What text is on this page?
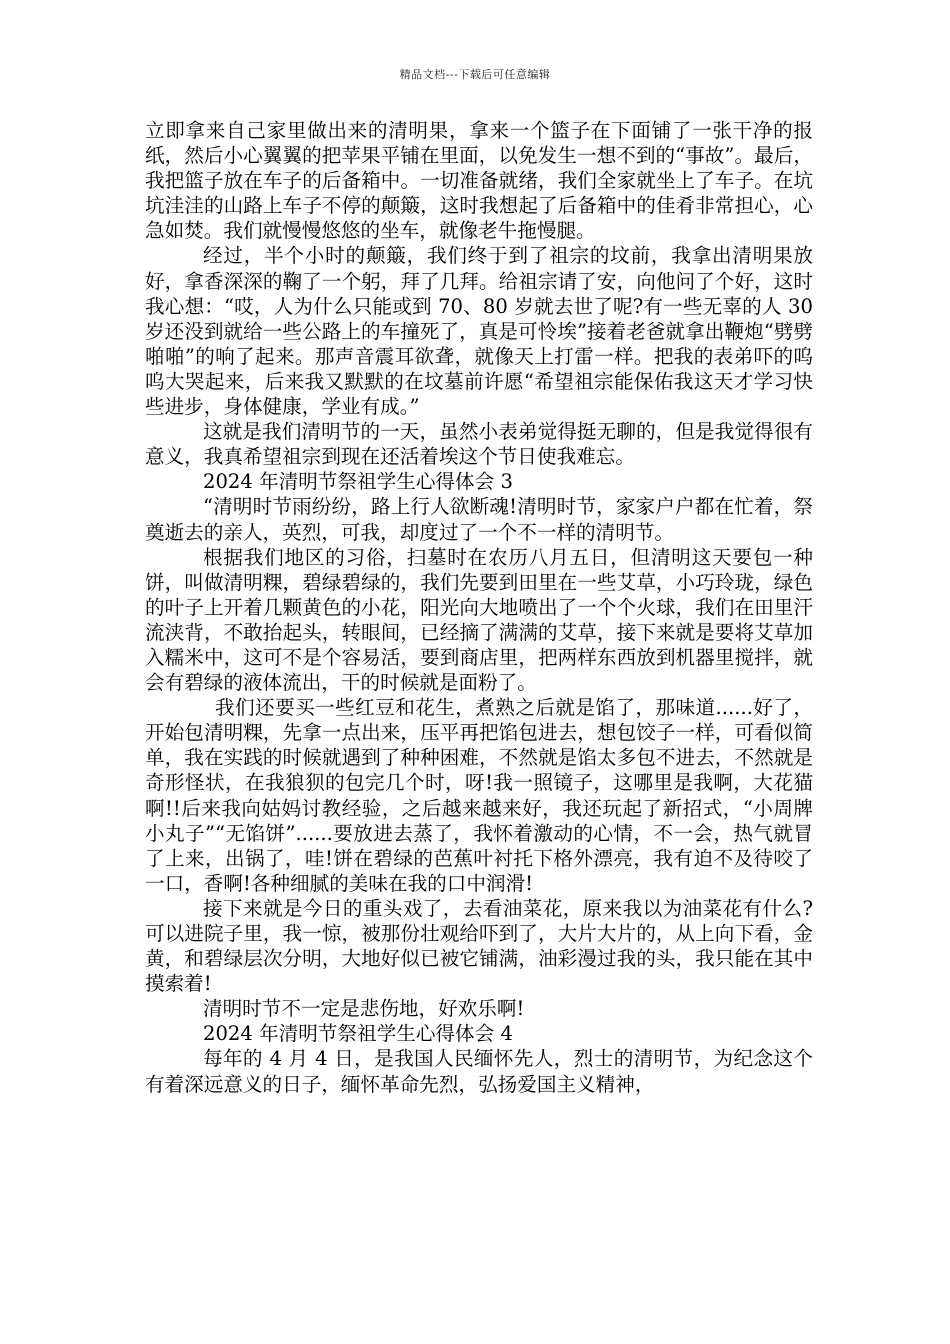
精品文档---下载后可任意编辑

立即拿来自己家里做出来的清明果，拿来一个篮子在下面铺了一张干净的报纸，然后小心翼翼的把苹果平铺在里面，以免发生一想不到的“事故”。最后，我把篮子放在车子的后备箱中。一切准备就绪，我们全家就坐上了车子。在坑坑洼洼的山路上车子不停的颠簸，这时我想起了后备箱中的佳肴非常担心，心急如焚。我们就慢慢悠悠的坐车，就像老牛拖慢腿。

经过，半个小时的颠簸，我们终于到了祖宗的坟前，我拿出清明果放好，拿香深深的鞠了一个躬，拜了几拜。给祖宗请了安，向他问了个好，这时我心想：“哎，人为什么只能或到 70、80 岁就去世了呢?有一些无辜的人 30 岁还没到就给一些公路上的车撞死了，真是可怜埃”接着老爸就拿出鞭炮“劈劈啪啪”的响了起来。那声音震耳欲聋，就像天上打雷一样。把我的表弟吓的呜呜大哭起来，后来我又默默的在坟墓前许愿“希望祖宗能保佑我这天才学习快些进步，身体健康，学业有成。”

这就是我们清明节的一天，虽然小表弟觉得挺无聊的，但是我觉得很有意义，我真希望祖宗到现在还活着埃这个节日使我难忘。

2024 年清明节祭祖学生心得体会 3

“清明时节雨纷纷，路上行人欲断魂!清明时节，家家户户都在忙着，祭奠逝去的亲人，英烈，可我，却度过了一个不一样的清明节。

根据我们地区的习俗，扫墓时在农历八月五日，但清明这天要包一种饼，叫做清明粿，碧绿碧绿的，我们先要到田里在一些艾草，小巧玲珑，绿色的叶子上开着几颗黄色的小花，阳光向大地喷出了一个个火球，我们在田里汗流浃背，不敢抬起头，转眼间，已经摘了满满的艾草，接下来就是要将艾草加入糯米中，这可不是个容易活，要到商店里，把两样东西放到机器里搅拌，就会有碧绿的液体流出，干的时候就是面粉了。

我们还要买一些红豆和花生，煮熟之后就是馅了，那味道......好了，开始包清明粿，先拿一点出来，压平再把馅包进去，想包饺子一样，可看似简单，我在实践的时候就遇到了种种困难，不然就是馅太多包不进去，不然就是奇形怪状，在我狼狈的包完几个时，呀!我一照镜子，这哪里是我啊，大花猫啊!!后来我向姑妈讨教经验，之后越来越来好，我还玩起了新招式，“小周牌小丸子”“无馅饼”......要放进去蒸了，我怀着激动的心情，不一会，热气就冒了上来，出锅了，哇!饼在碧绿的芭蕉叶衬托下格外漂亮，我有迫不及待咬了一口，香啊!各种细腻的美味在我的口中润滑!

接下来就是今日的重头戏了，去看油菜花，原来我以为油菜花有什么?可以进院子里，我一惊，被那份壮观给吓到了，大片大片的，从上向下看，金黄，和碧绿层次分明，大地好似已被它铺满，油彩漫过我的头，我只能在其中摸索着!

清明时节不一定是悲伤地，好欢乐啊!

2024 年清明节祭祖学生心得体会 4

每年的 4 月 4 日，是我国人民缅怀先人，烈士的清明节，为纪念这个有着深远意义的日子，缅怀革命先烈，弘扬爱国主义精神，
